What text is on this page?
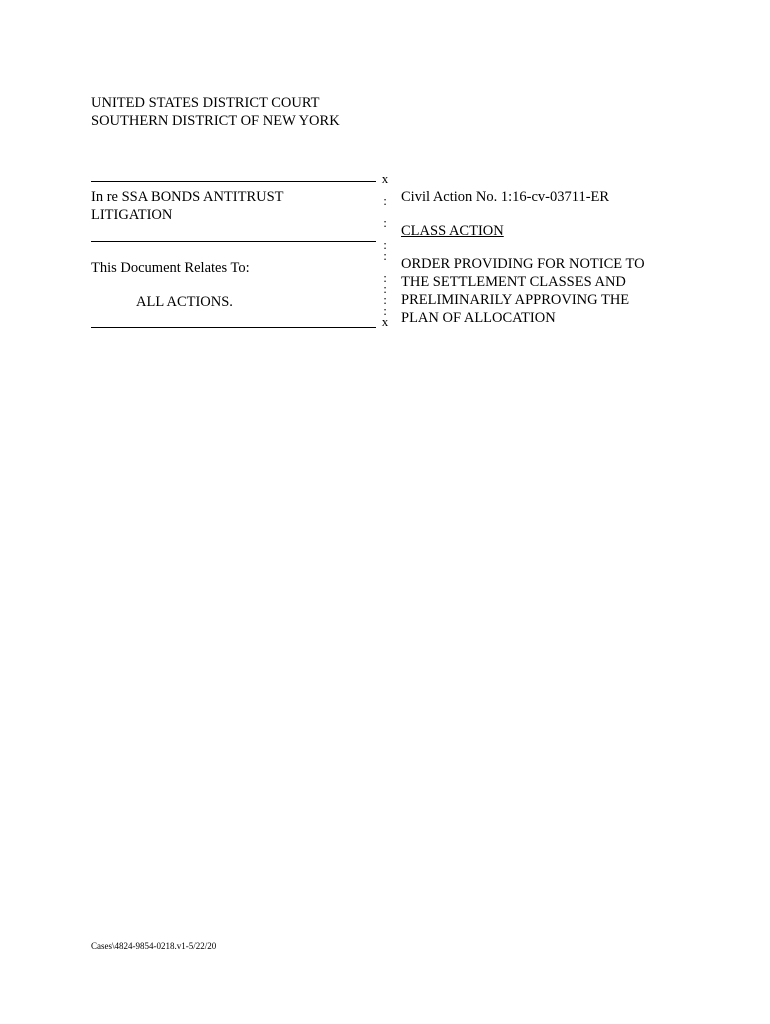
UNITED STATES DISTRICT COURT
SOUTHERN DISTRICT OF NEW YORK
In re SSA BONDS ANTITRUST
LITIGATION
This Document Relates To:
ALL ACTIONS.
x
:
:
:
:
:
:
:
:
x
Civil Action No. 1:16-cv-03711-ER
CLASS ACTION
ORDER PROVIDING FOR NOTICE TO
THE SETTLEMENT CLASSES AND
PRELIMINARILY APPROVING THE
PLAN OF ALLOCATION
Cases\4824-9854-0218.v1-5/22/20
